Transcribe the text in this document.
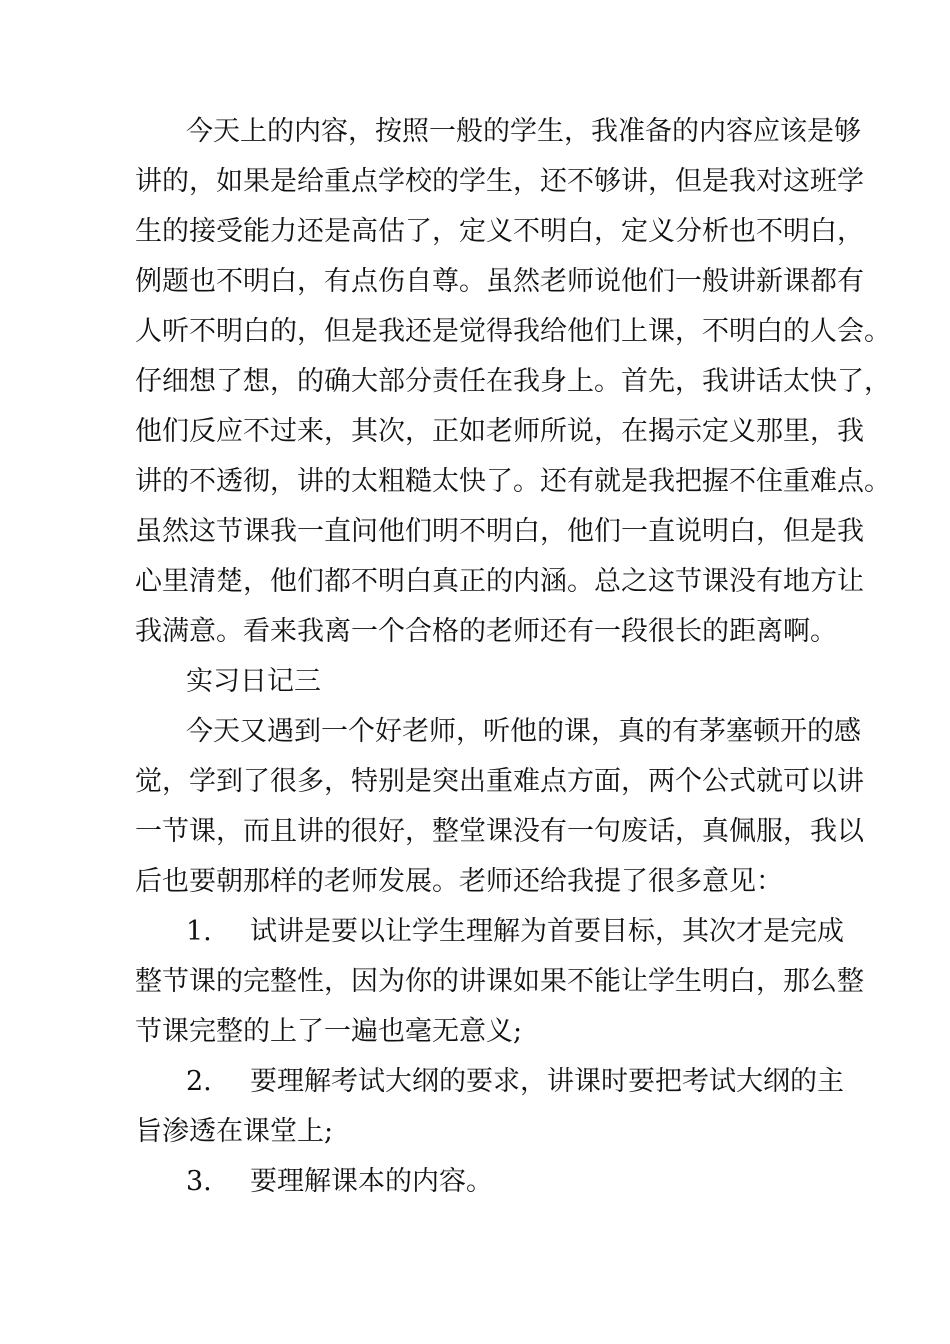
今天上的内容，按照一般的学生，我准备的内容应该是够
讲的，如果是给重点学校的学生，还不够讲，但是我对这班学
生的接受能力还是高估了，定义不明白，定义分析也不明白，
例题也不明白，有点伤自尊。虽然老师说他们一般讲新课都有
人听不明白的，但是我还是觉得我给他们上课，不明白的人会。
仔细想了想，的确大部分责任在我身上。首先，我讲话太快了，
他们反应不过来，其次，正如老师所说，在揭示定义那里，我
讲的不透彻，讲的太粗糙太快了。还有就是我把握不住重难点。
虽然这节课我一直问他们明不明白，他们一直说明白，但是我
心里清楚，他们都不明白真正的内涵。总之这节课没有地方让
我满意。看来我离一个合格的老师还有一段很长的距离啊。
实习日记三
今天又遇到一个好老师，听他的课，真的有茅塞顿开的感
觉，学到了很多，特别是突出重难点方面，两个公式就可以讲
一节课，而且讲的很好，整堂课没有一句废话，真佩服，我以
后也要朝那样的老师发展。老师还给我提了很多意见：
1. 试讲是要以让学生理解为首要目标，其次才是完成
整节课的完整性，因为你的讲课如果不能让学生明白，那么整
节课完整的上了一遍也毫无意义;
2. 要理解考试大纲的要求，讲课时要把考试大纲的主
旨渗透在课堂上;
3. 要理解课本的内容。
